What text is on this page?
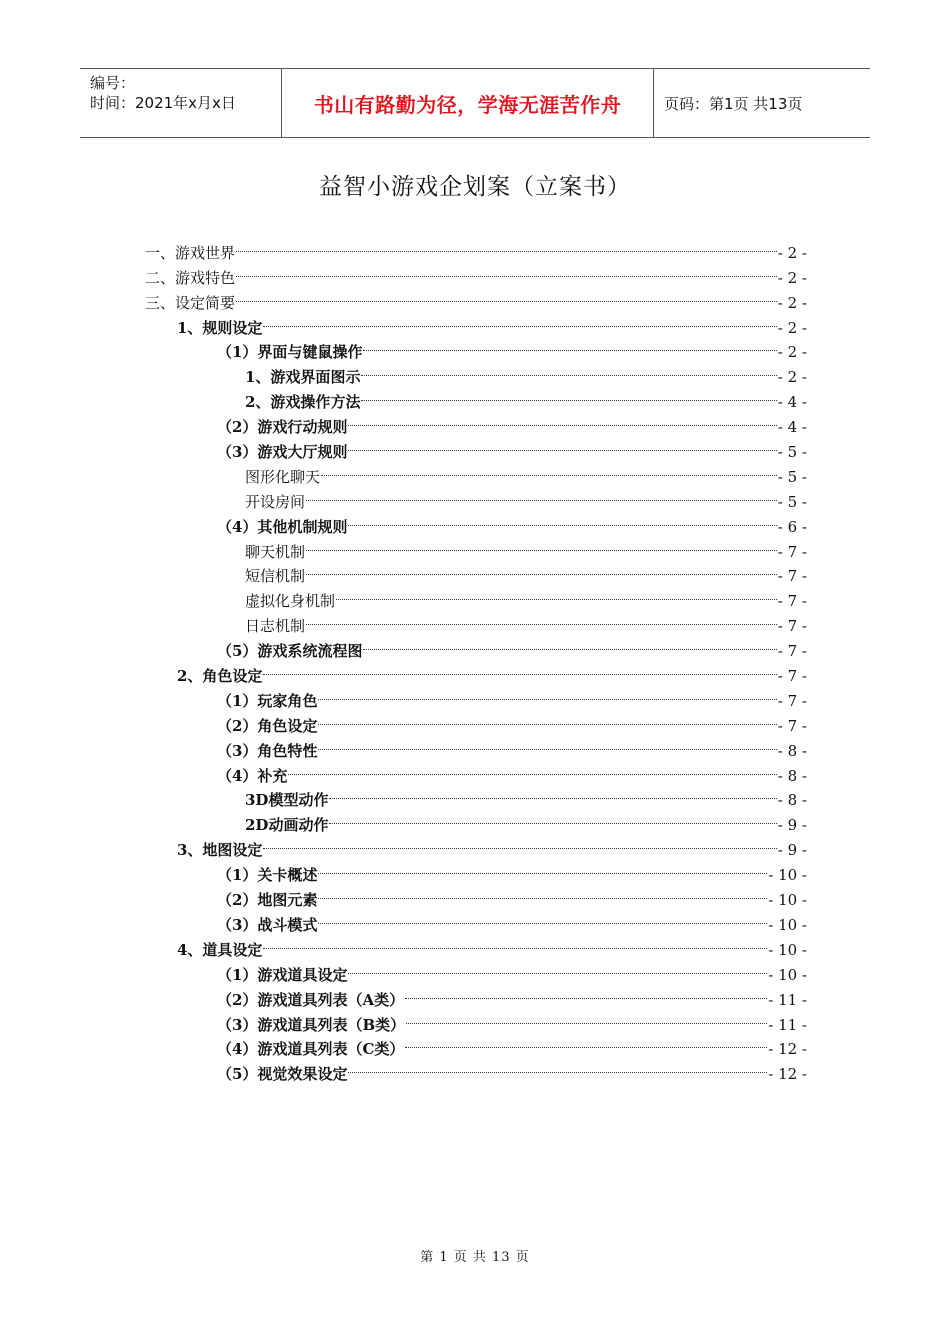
编号：
时间：2021年x月x日	书山有路勤为径，学海无涯苦作舟	页码：第1页 共13页
益智小游戏企划案（立案书）
一、游戏世界	- 2 -
二、游戏特色	- 2 -
三、设定简要	- 2 -
1、规则设定	- 2 -
（1）界面与键鼠操作	- 2 -
1、游戏界面图示	- 2 -
2、游戏操作方法	- 4 -
（2）游戏行动规则	- 4 -
（3）游戏大厅规则	- 5 -
图形化聊天	- 5 -
开设房间	- 5 -
（4）其他机制规则	- 6 -
聊天机制	- 7 -
短信机制	- 7 -
虚拟化身机制	- 7 -
日志机制	- 7 -
（5）游戏系统流程图	- 7 -
2、角色设定	- 7 -
（1）玩家角色	- 7 -
（2）角色设定	- 7 -
（3）角色特性	- 8 -
（4）补充	- 8 -
3D模型动作	- 8 -
2D动画动作	- 9 -
3、地图设定	- 9 -
（1）关卡概述	- 10 -
（2）地图元素	- 10 -
（3）战斗模式	- 10 -
4、道具设定	- 10 -
（1）游戏道具设定	- 10 -
（2）游戏道具列表（A类）	- 11 -
（3）游戏道具列表（B类）	- 11 -
（4）游戏道具列表（C类）	- 12 -
（5）视觉效果设定	- 12 -
第 1 页 共 13 页
